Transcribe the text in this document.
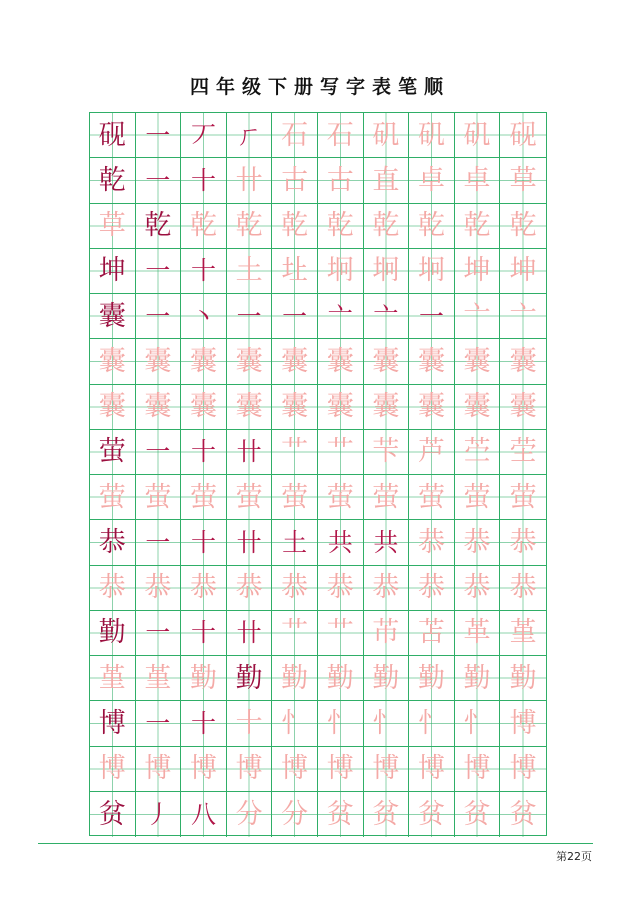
四年级下册写字表笔顺
砚 一 丆 ㄏ 石 石 矶 矶 矶 砚
乾 一 十 卄 古 古 直 卓 卓 草
草 乾 乾 乾 乾 乾 乾 乾 乾 乾
坤 一 十 土 圵 坰 坰 坰 坤 坤
囊 一 丶 一 一 亠 亠 一 亠 亠
囊 囊 囊 囊 囊 囊 囊 囊 囊 囊
囊 囊 囊 囊 囊 囊 囊 囊 囊 囊
萤 一 十 卄 艹 艹 芐 芦 苎 茔
萤 萤 萤 萤 萤 萤 萤 萤 萤 萤
恭 一 十 卄 土 共 共 恭 恭 恭
恭 恭 恭 恭 恭 恭 恭 恭 恭 恭
勤 一 十 卄 艹 艹 芇 苫 革 堇
堇 堇 勤 勤 勤 勤 勤 勤 勤 勤
博 一 十 十 忄 忄 忄 忄 忄 博
博 博 博 博 博 博 博 博 博 博
贫 丿 八 分 分 贫 贫 贫 贫 贫
第22页
